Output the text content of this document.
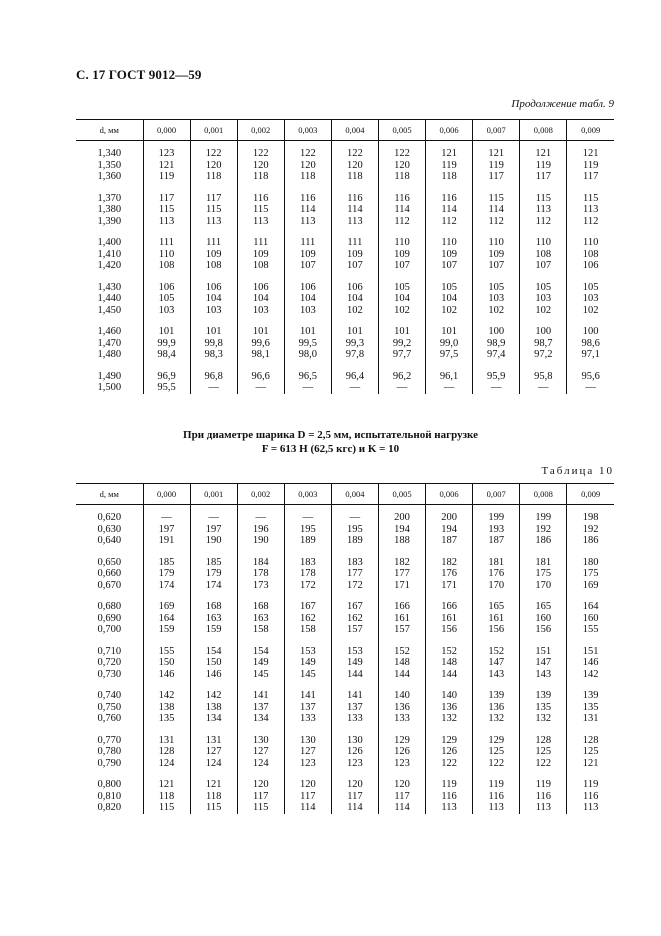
С. 17 ГОСТ 9012—59
Продолжение табл. 9
d, мм	0,000	0,001	0,002	0,003	0,004	0,005	0,006	0,007	0,008	0,009
1,340	123	122	122	122	122	122	121	121	121	121
1,350	121	120	120	120	120	120	119	119	119	119
1,360	119	118	118	118	118	118	118	117	117	117

1,370	117	117	116	116	116	116	116	115	115	115
1,380	115	115	115	114	114	114	114	114	113	113
1,390	113	113	113	113	113	112	112	112	112	112

1,400	111	111	111	111	111	110	110	110	110	110
1,410	110	109	109	109	109	109	109	109	108	108
1,420	108	108	108	107	107	107	107	107	107	106

1,430	106	106	106	106	106	105	105	105	105	105
1,440	105	104	104	104	104	104	104	103	103	103
1,450	103	103	103	103	102	102	102	102	102	102

1,460	101	101	101	101	101	101	101	100	100	100
1,470	99,9	99,8	99,6	99,5	99,3	99,2	99,0	98,9	98,7	98,6
1,480	98,4	98,3	98,1	98,0	97,8	97,7	97,5	97,4	97,2	97,1

1,490	96,9	96,8	96,6	96,5	96,4	96,2	96,1	95,9	95,8	95,6
1,500	95,5	—	—	—	—	—	—	—	—	—
При диаметре шарика D = 2,5 мм, испытательной нагрузке
F = 613 Н (62,5 кгс) и K = 10
Таблица 10
d, мм	0,000	0,001	0,002	0,003	0,004	0,005	0,006	0,007	0,008	0,009
0,620	—	—	—	—	—	200	200	199	199	198
0,630	197	197	196	195	195	194	194	193	192	192
0,640	191	190	190	189	189	188	187	187	186	186

0,650	185	185	184	183	183	182	182	181	181	180
0,660	179	179	178	178	177	177	176	176	175	175
0,670	174	174	173	172	172	171	171	170	170	169

0,680	169	168	168	167	167	166	166	165	165	164
0,690	164	163	163	162	162	161	161	161	160	160
0,700	159	159	158	158	157	157	156	156	156	155

0,710	155	154	154	153	153	152	152	152	151	151
0,720	150	150	149	149	149	148	148	147	147	146
0,730	146	146	145	145	144	144	144	143	143	142

0,740	142	142	141	141	141	140	140	139	139	139
0,750	138	138	137	137	137	136	136	136	135	135
0,760	135	134	134	133	133	133	132	132	132	131

0,770	131	131	130	130	130	129	129	129	128	128
0,780	128	127	127	127	126	126	126	125	125	125
0,790	124	124	124	123	123	123	122	122	122	121

0,800	121	121	120	120	120	120	119	119	119	119
0,810	118	118	117	117	117	117	116	116	116	116
0,820	115	115	115	114	114	114	113	113	113	113
